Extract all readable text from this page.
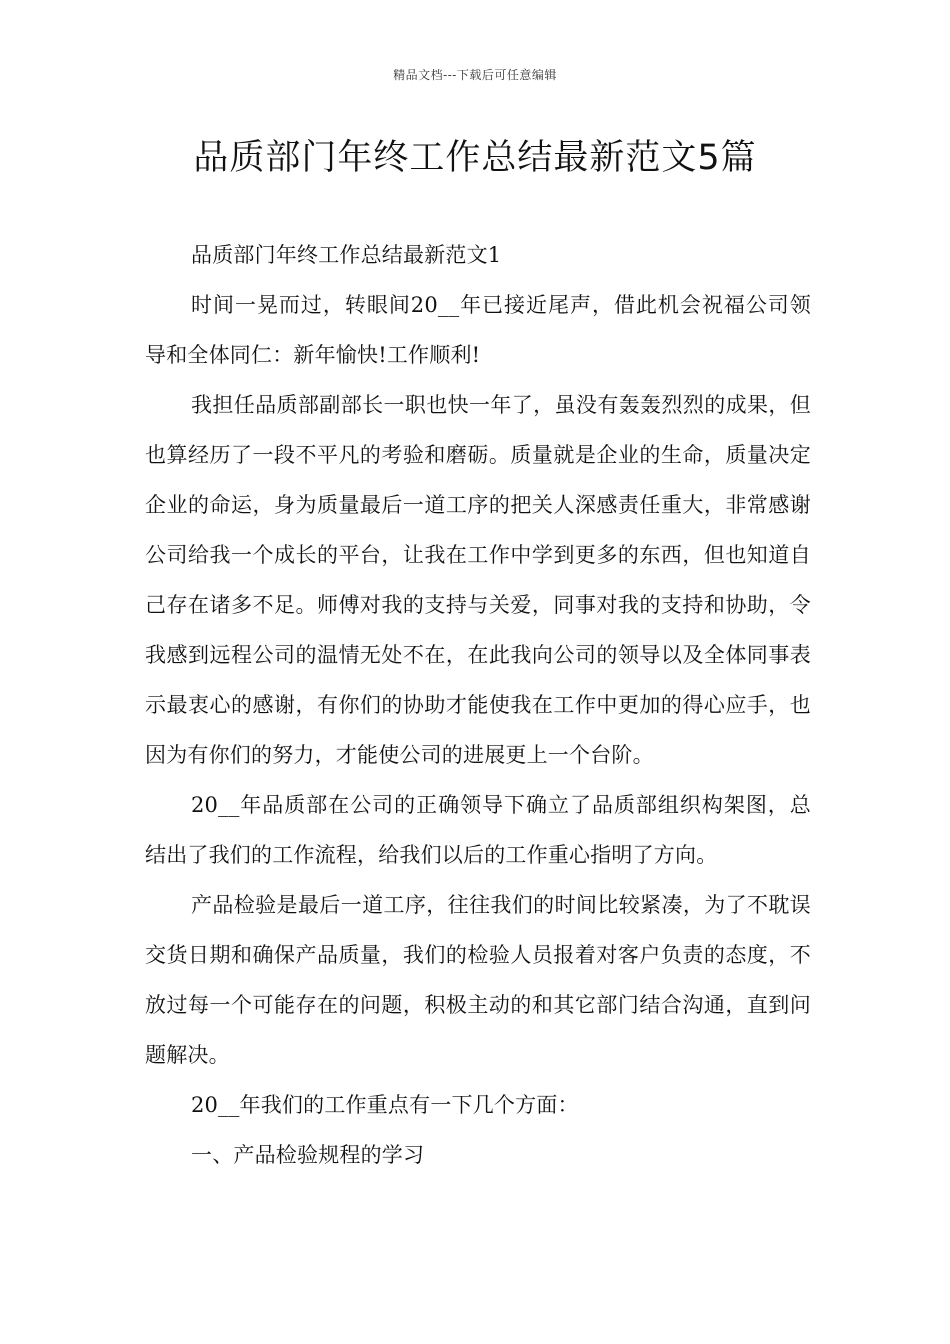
精品文档---下载后可任意编辑
品质部门年终工作总结最新范文5篇

品质部门年终工作总结最新范文1

时间一晃而过，转眼间20__年已接近尾声，借此机会祝福公司领导和全体同仁：新年愉快!工作顺利!

我担任品质部副部长一职也快一年了，虽没有轰轰烈烈的成果，但也算经历了一段不平凡的考验和磨砺。质量就是企业的生命，质量决定企业的命运，身为质量最后一道工序的把关人深感责任重大，非常感谢公司给我一个成长的平台，让我在工作中学到更多的东西，但也知道自己存在诸多不足。师傅对我的支持与关爱，同事对我的支持和协助，令我感到远程公司的温情无处不在，在此我向公司的领导以及全体同事表示最衷心的感谢，有你们的协助才能使我在工作中更加的得心应手，也因为有你们的努力，才能使公司的进展更上一个台阶。

20__年品质部在公司的正确领导下确立了品质部组织构架图，总结出了我们的工作流程，给我们以后的工作重心指明了方向。

产品检验是最后一道工序，往往我们的时间比较紧凑，为了不耽误交货日期和确保产品质量，我们的检验人员报着对客户负责的态度，不放过每一个可能存在的问题，积极主动的和其它部门结合沟通，直到问题解决。

20__年我们的工作重点有一下几个方面：

一、产品检验规程的学习
